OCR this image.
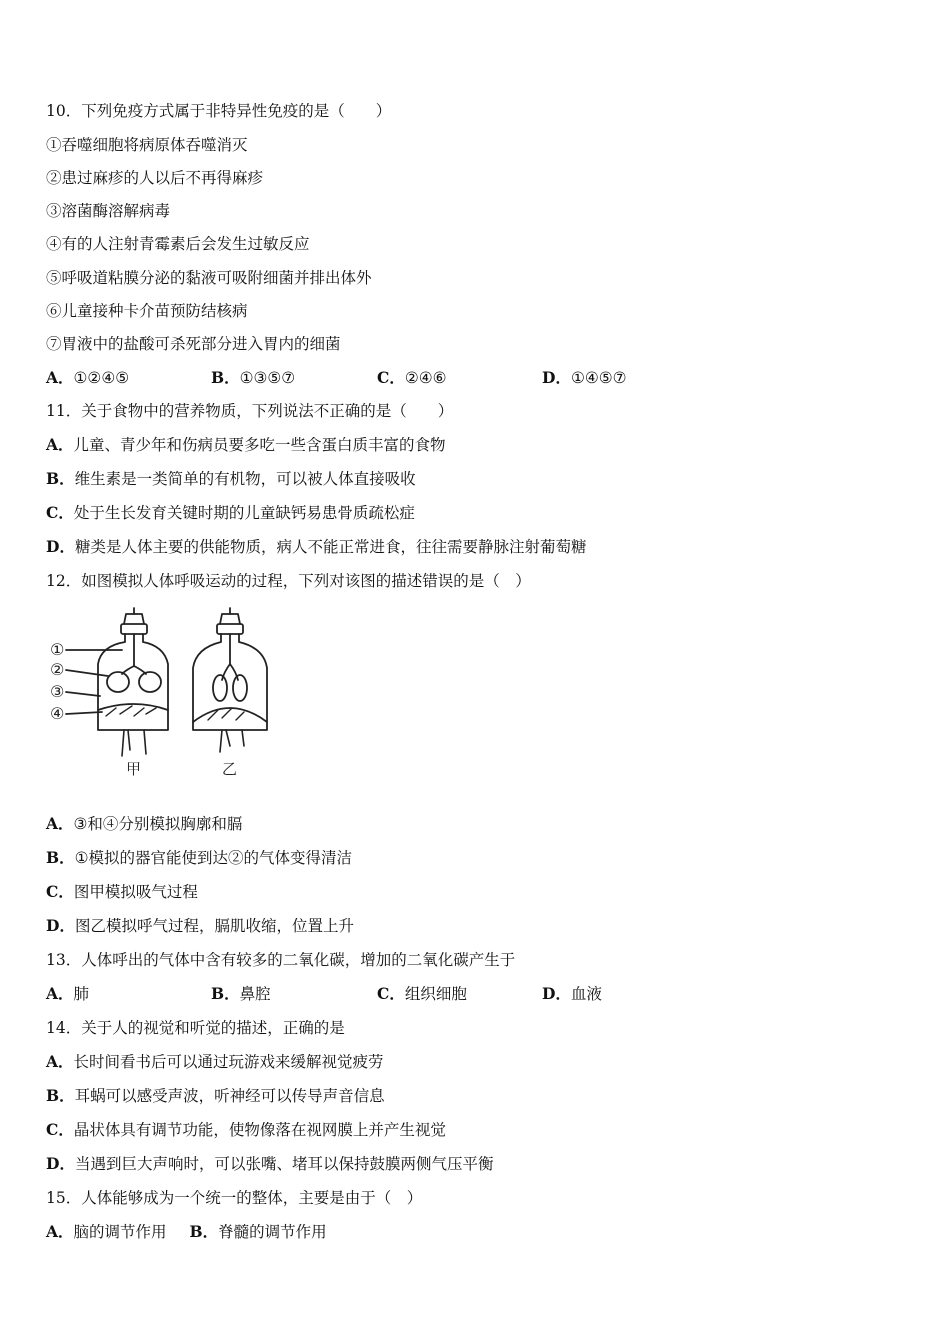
10．下列免疫方式属于非特异性免疫的是（　　）
①吞噬细胞将病原体吞噬消灭
②患过麻疹的人以后不再得麻疹
③溶菌酶溶解病毒
④有的人注射青霉素后会发生过敏反应
⑤呼吸道粘膜分泌的黏液可吸附细菌并排出体外
⑥儿童接种卡介苗预防结核病
⑦胃液中的盐酸可杀死部分进入胃内的细菌
A．①②④⑤	B．①③⑤⑦	C．②④⑥	D．①④⑤⑦
11．关于食物中的营养物质，下列说法不正确的是（　　）
A．儿童、青少年和伤病员要多吃一些含蛋白质丰富的食物
B．维生素是一类简单的有机物，可以被人体直接吸收
C．处于生长发育关键时期的儿童缺钙易患骨质疏松症
D．糖类是人体主要的供能物质，病人不能正常进食，往往需要静脉注射葡萄糖
12．如图模拟人体呼吸运动的过程，下列对该图的描述错误的是（　）
①
②
③
④
甲	乙
A．③和④分别模拟胸廓和膈
B．①模拟的器官能使到达②的气体变得清洁
C．图甲模拟吸气过程
D．图乙模拟呼气过程，膈肌收缩，位置上升
13．人体呼出的气体中含有较多的二氧化碳，增加的二氧化碳产生于
A．肺	B．鼻腔	C．组织细胞	D．血液
14．关于人的视觉和听觉的描述，正确的是
A．长时间看书后可以通过玩游戏来缓解视觉疲劳
B．耳蜗可以感受声波，听神经可以传导声音信息
C．晶状体具有调节功能，使物像落在视网膜上并产生视觉
D．当遇到巨大声响时，可以张嘴、堵耳以保持鼓膜两侧气压平衡
15．人体能够成为一个统一的整体，主要是由于（　）
A．脑的调节作用 B．脊髓的调节作用
